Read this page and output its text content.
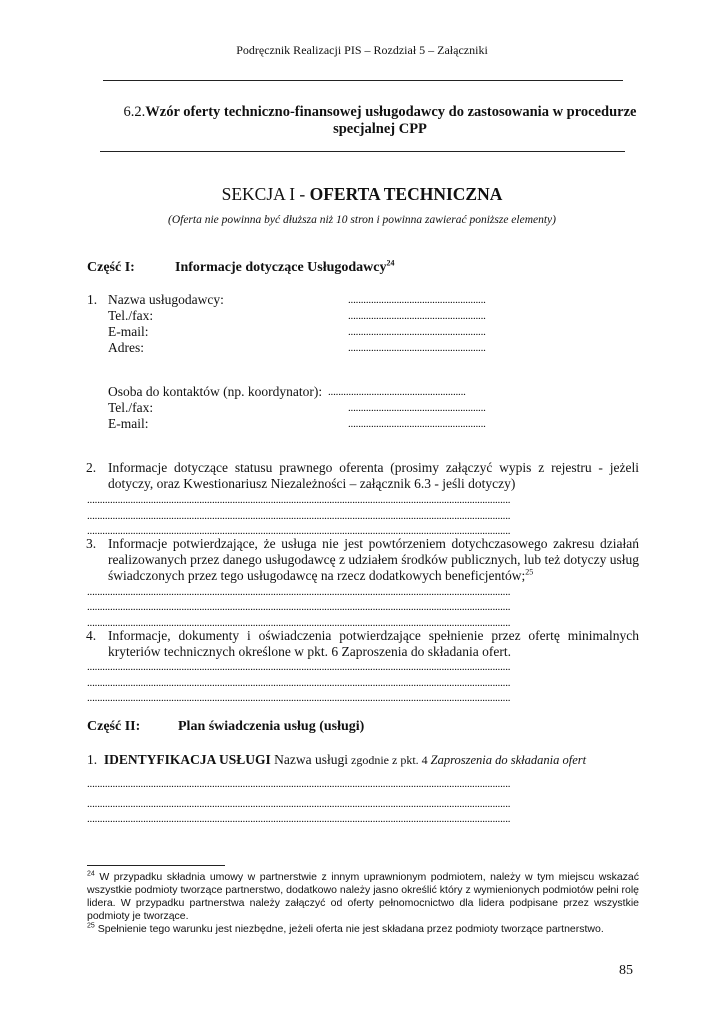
Podręcznik Realizacji PIS – Rozdział 5 – Załączniki
6.2.Wzór oferty techniczno-finansowej usługodawcy do zastosowania w procedurze specjalnej CPP
SEKCJA I - OFERTA TECHNICZNA
(Oferta nie powinna być dłuższa niż 10 stron i powinna zawierać poniższe elementy)
Część I:	Informacje dotyczące Usługodawcy$^{24}$
1. Nazwa usługodawcy:
Tel./fax:
E-mail:
Adres:
......................................................
......................................................
......................................................
......................................................
Osoba do kontaktów (np. koordynator):
Tel./fax:
E-mail:
......................................................
......................................................
......................................................
2. Informacje dotyczące statusu prawnego oferenta (prosimy załączyć wypis z rejestru - jeżeli dotyczy, oraz Kwestionariusz Niezależności – załącznik 6.3 - jeśli dotyczy)
......................................................................................................................................................................
......................................................................................................................................................................
......................................................................................................................................................................
3. Informacje potwierdzające, że usługa nie jest powtórzeniem dotychczasowego zakresu działań realizowanych przez danego usługodawcę z udziałem środków publicznych, lub też dotyczy usług świadczonych przez tego usługodawcę na rzecz dodatkowych beneficjentów;$^{25}$
......................................................................................................................................................................
......................................................................................................................................................................
......................................................................................................................................................................
4. Informacje, dokumenty i oświadczenia potwierdzające spełnienie przez ofertę minimalnych kryteriów technicznych określone w pkt. 6 Zaproszenia do składania ofert.
......................................................................................................................................................................
......................................................................................................................................................................
......................................................................................................................................................................
Część II:	Plan świadczenia usług (usługi)
1. IDENTYFIKACJA USŁUGI Nazwa usługi zgodnie z pkt. 4 Zaproszenia do składania ofert
......................................................................................................................................................................
......................................................................................................................................................................
......................................................................................................................................................................
$^{24}$ W przypadku składnia umowy w partnerstwie z innym uprawnionym podmiotem, należy w tym miejscu wskazać wszystkie podmioty tworzące partnerstwo, dodatkowo należy jasno określić który z wymienionych podmiotów pełni rolę lidera. W przypadku partnerstwa należy załączyć od oferty pełnomocnictwo dla lidera podpisane przez wszystkie podmioty je tworzące.
$^{25}$ Spełnienie tego warunku jest niezbędne, jeżeli oferta nie jest składana przez podmioty tworzące partnerstwo.
85
